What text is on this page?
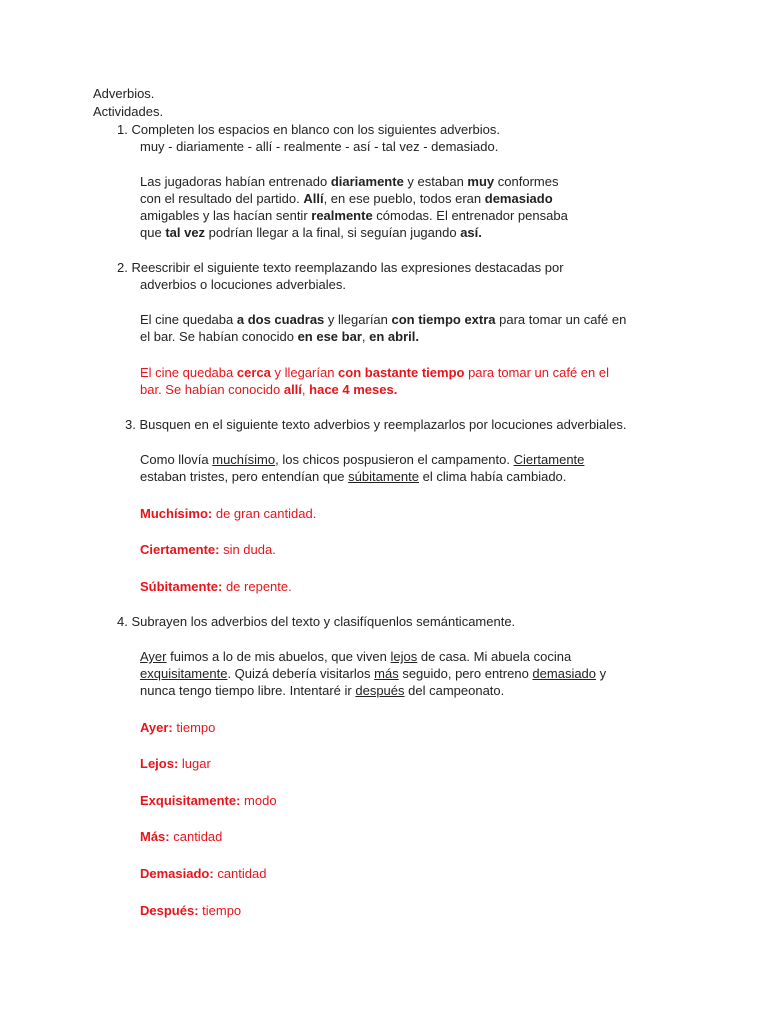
Adverbios.
Actividades.
1. Completen los espacios en blanco con los siguientes adverbios.
muy - diariamente - allí - realmente - así - tal vez - demasiado.
Las jugadoras habían entrenado diariamente y estaban muy conformes
con el resultado del partido. Allí, en ese pueblo, todos eran demasiado
amigables y las hacían sentir realmente cómodas. El entrenador pensaba
que tal vez podrían llegar a la final, si seguían jugando así.
2. Reescribir el siguiente texto reemplazando las expresiones destacadas por
adverbios o locuciones adverbiales.
El cine quedaba a dos cuadras y llegarían con tiempo extra para tomar un café en
el bar. Se habían conocido en ese bar, en abril.
El cine quedaba cerca y llegarían con bastante tiempo para tomar un café en el
bar. Se habían conocido allí, hace 4 meses.
3. Busquen en el siguiente texto adverbios y reemplazarlos por locuciones adverbiales.
Como llovía muchísimo, los chicos pospusieron el campamento. Ciertamente
estaban tristes, pero entendían que súbitamente el clima había cambiado.
Muchísimo: de gran cantidad.
Ciertamente: sin duda.
Súbitamente: de repente.
4. Subrayen los adverbios del texto y clasifíquenlos semánticamente.
Ayer fuimos a lo de mis abuelos, que viven lejos de casa. Mi abuela cocina
exquisitamente. Quizá debería visitarlos más seguido, pero entreno demasiado y
nunca tengo tiempo libre. Intentaré ir después del campeonato.
Ayer: tiempo
Lejos: lugar
Exquisitamente: modo
Más: cantidad
Demasiado: cantidad
Después: tiempo
